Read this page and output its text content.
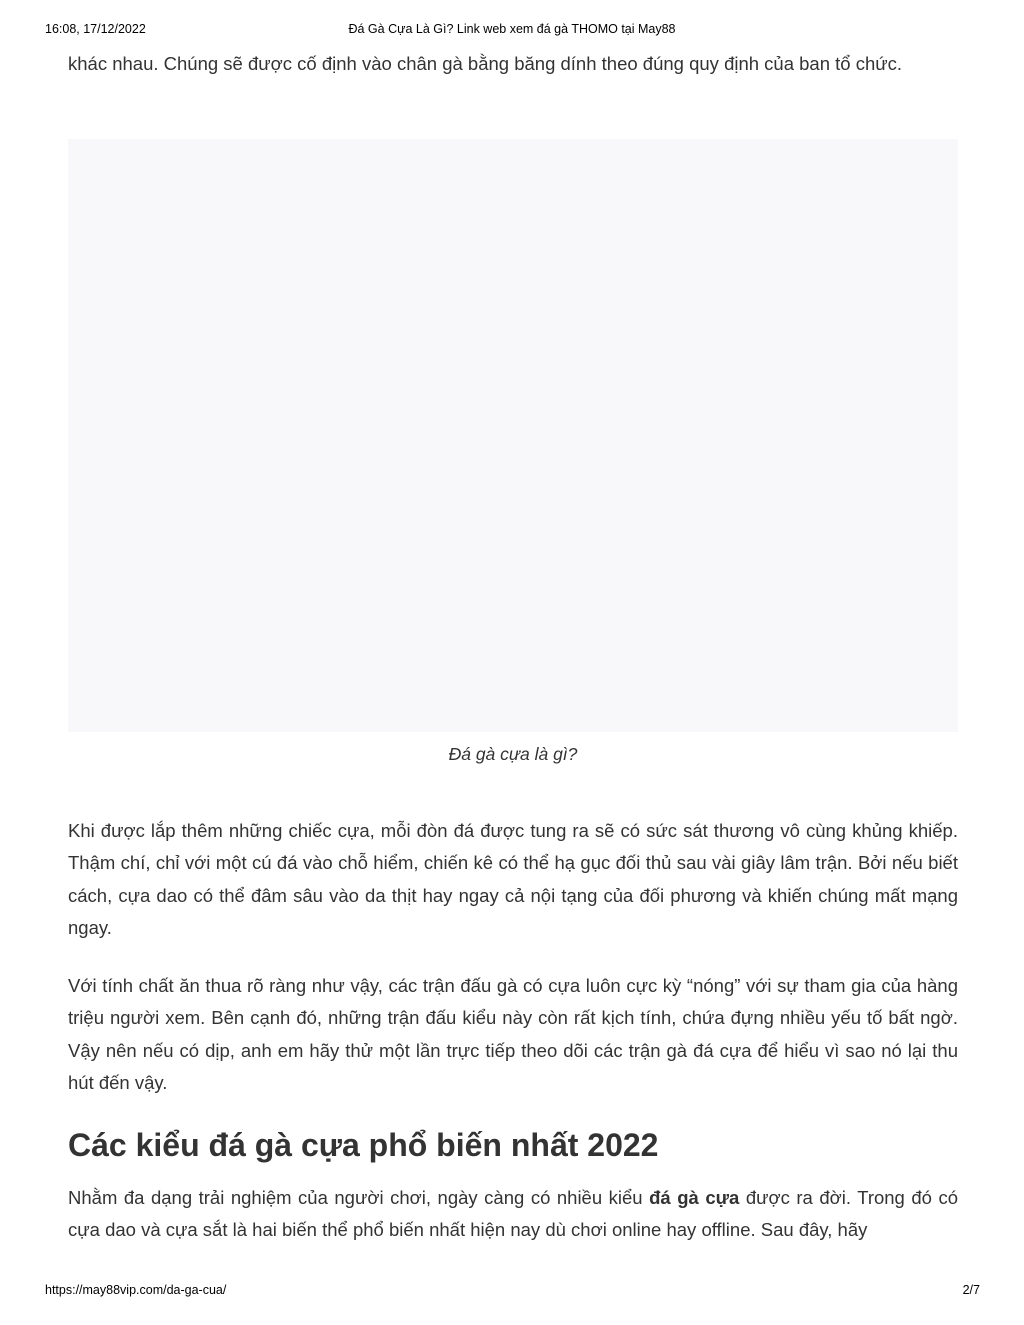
16:08, 17/12/2022	Đá Gà Cựa Là Gì? Link web xem đá gà THOMO tại May88

khác nhau. Chúng sẽ được cố định vào chân gà bằng băng dính theo đúng quy định của ban tổ chức.

Đá gà cựa là gì?

Khi được lắp thêm những chiếc cựa, mỗi đòn đá được tung ra sẽ có sức sát thương vô cùng khủng khiếp. Thậm chí, chỉ với một cú đá vào chỗ hiểm, chiến kê có thể hạ gục đối thủ sau vài giây lâm trận. Bởi nếu biết cách, cựa dao có thể đâm sâu vào da thịt hay ngay cả nội tạng của đối phương và khiến chúng mất mạng ngay.

Với tính chất ăn thua rõ ràng như vậy, các trận đấu gà có cựa luôn cực kỳ “nóng” với sự tham gia của hàng triệu người xem. Bên cạnh đó, những trận đấu kiểu này còn rất kịch tính, chứa đựng nhiều yếu tố bất ngờ. Vậy nên nếu có dịp, anh em hãy thử một lần trực tiếp theo dõi các trận gà đá cựa để hiểu vì sao nó lại thu hút đến vậy.

Các kiểu đá gà cựa phổ biến nhất 2022

Nhằm đa dạng trải nghiệm của người chơi, ngày càng có nhiều kiểu đá gà cựa được ra đời. Trong đó có cựa dao và cựa sắt là hai biến thể phổ biến nhất hiện nay dù chơi online hay offline. Sau đây, hãy

https://may88vip.com/da-ga-cua/	2/7
